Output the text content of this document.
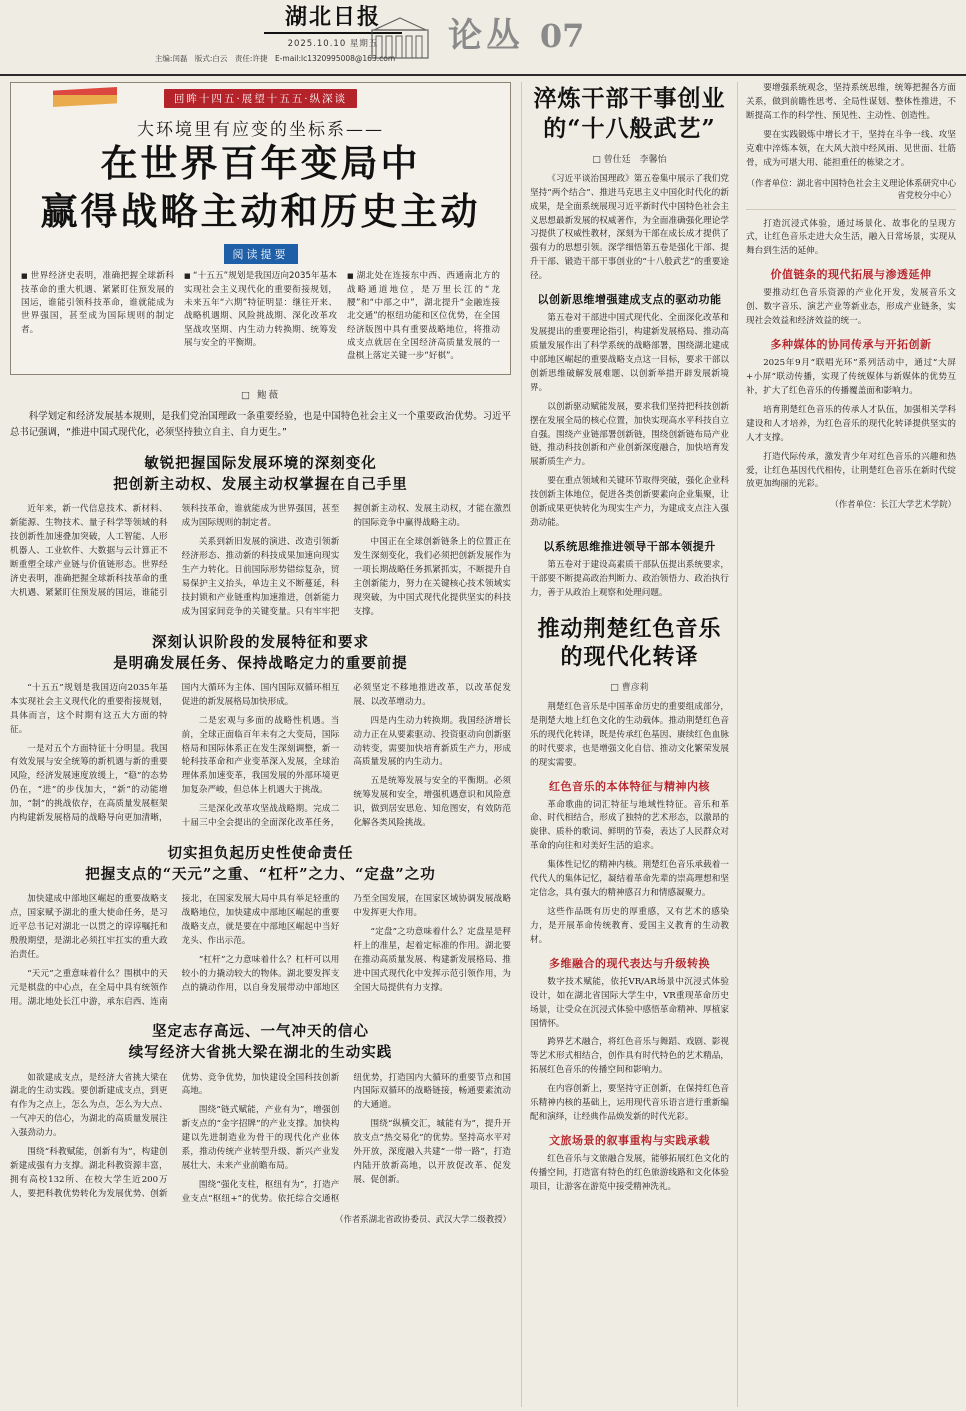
湖北日报
2025.10.10 星期五
主编:闰磊　版式:白云　责任:许捷　E-mail:lc1320995008@163.com
论丛 07
回眸十四五·展望十五五·纵深谈
大环境里有应变的坐标系——
在世界百年变局中
赢得战略主动和历史主动
阅读提要
■ 世界经济史表明，准确把握全球新科技革命的重大机遇、紧紧盯住预发展的国运，谁能引领科技革命，谁就能成为世界强国，甚至成为国际规则的制定者。
■ “十五五”规划是我国迈向2035年基本实现社会主义现代化的重要衔接规划，未来五年“六期”特征明显：继往开来、战略机遇期、风险挑战期、深化改革攻坚战攻坚期、内生动力转换期、统筹发展与安全的平衡期。
■ 湖北处在连接东中西、西通南北方的战略通道地位，是万里长江的“龙腰”和“中部之中”，湖北提升“金融连接北交通”的枢纽功能和区位优势，在全国经济版图中具有重要战略地位，将推动成支点就居在全国经济高质量发展的一盘棋上落定关键一步“好棋”。
□ 鲍薇
科学划定和经济发展基本规则，是我们党治国理政一条重要经验，也是中国特色社会主义一个重要政治优势。习近平总书记强调，“推进中国式现代化，必须坚持独立自主、自力更生。”
敏锐把握国际发展环境的深刻变化
把创新主动权、发展主动权掌握在自己手里

近年来，新一代信息技术、新材料、新能源、生物技术、量子科学等领域的科技创新性加速叠加突破，人工智能、人形机器人、工业软件、大数据与云计算正不断重塑全球产业链与价值链形态。世界经济史表明，准确把握全球新科技革命的重大机遇、紧紧盯住预发展的国运，谁能引领科技革命，谁就能成为世界强国，甚至成为国际规则的制定者。

关系到新旧发展的演进、改造引领新经济形态、推动新的科技成果加速向现实生产力转化。日前国际形势错综复杂，贸易保护主义抬头，单边主义不断蔓延，科技封锁和产业链重构加速推进，创新能力成为国家间竞争的关键变量。只有牢牢把握创新主动权、发展主动权，才能在激烈的国际竞争中赢得战略主动。

中国正在全球创新链条上的位置正在发生深刻变化，我们必须把创新发展作为一项长期战略任务抓紧抓实，不断提升自主创新能力，努力在关键核心技术领域实现突破，为中国式现代化提供坚实的科技支撑。

深刻认识阶段的发展特征和要求
是明确发展任务、保持战略定力的重要前提

“十五五”规划是我国迈向2035年基本实现社会主义现代化的重要衔接规划，具体而言，这个时期有这五大方面的特征。

一是对五个方面特征十分明显。我国有效发展与安全统筹的新机遇与新的重要风险，经济发展速度放缓上，“稳”的态势仍在，“进”的步伐加大，“新”的动能增加，“制”的挑战依存，在高质量发展框架内构建新发展格局的战略导向更加清晰，国内大循环为主体、国内国际双循环相互促进的新发展格局加快形成。

二是宏观与多面的战略性机遇。当前，全球正面临百年未有之大变局，国际格局和国际体系正在发生深刻调整，新一轮科技革命和产业变革深入发展，全球治理体系加速变革，我国发展的外部环境更加复杂严峻，但总体上机遇大于挑战。

三是深化改革攻坚战战略期。完成二十届三中全会提出的全面深化改革任务，必须坚定不移地推进改革，以改革促发展、以改革增动力。

四是内生动力转换期。我国经济增长动力正在从要素驱动、投资驱动向创新驱动转变，需要加快培育新质生产力，形成高质量发展的内生动力。

五是统筹发展与安全的平衡期。必须统筹发展和安全，增强机遇意识和风险意识，做到居安思危、知危图安，有效防范化解各类风险挑战。

切实担负起历史性使命责任
把握支点的“天元”之重、“杠杆”之力、“定盘”之功

加快建成中部地区崛起的重要战略支点，国家赋予湖北的重大使命任务，是习近平总书记对湖北一以贯之的谆谆嘱托和殷殷期望，是湖北必须扛牢扛实的重大政治责任。

“天元”之重意味着什么？围棋中的天元是棋盘的中心点，在全局中具有统领作用。湖北地处长江中游，承东启西、连南接北，在国家发展大局中具有举足轻重的战略地位，加快建成中部地区崛起的重要战略支点，就是要在中部地区崛起中当好龙头、作出示范。

“杠杆”之力意味着什么？杠杆可以用较小的力撬动较大的物体。湖北要发挥支点的撬动作用，以自身发展带动中部地区乃至全国发展，在国家区域协调发展战略中发挥更大作用。

“定盘”之功意味着什么？定盘星是秤杆上的准星，起着定标准的作用。湖北要在推动高质量发展、构建新发展格局、推进中国式现代化中发挥示范引领作用，为全国大局提供有力支撑。

坚定志存高远、一气冲天的信心
续写经济大省挑大梁在湖北的生动实践

如欲建成支点，是经济大省挑大梁在湖北的生动实践。要创新建成支点，到更有作为之点上，怎么为点，怎么为大点、一气冲天的信心，为湖北的高质量发展注入强劲动力。

围绕“科教赋能，创新有为”，构建创新建成强有力支撑。湖北科教资源丰富，拥有高校132所、在校大学生近200万人，要把科教优势转化为发展优势、创新优势、竞争优势，加快建设全国科技创新高地。

围绕“链式赋能，产业有为”，增强创新支点的“金字招牌”的产业支撑。加快构建以先进制造业为骨干的现代化产业体系，推动传统产业转型升级、新兴产业发展壮大、未来产业前瞻布局。

围绕“强化支柱，枢纽有为”，打造产业支点“枢纽+”的优势。依托综合交通枢纽优势，打造国内大循环的重要节点和国内国际双循环的战略链接，畅通要素流动的大通道。

围绕“纵横交汇，城能有为”，提升开放支点“热交易化”的优势。坚持高水平对外开放，深度融入共建“一带一路”，打造内陆开放新高地，以开放促改革、促发展、促创新。

（作者系湖北省政协委员、武汉大学二级教授）
淬炼干部干事创业的“十八般武艺”
□ 曾仕廷　李馨怡

《习近平谈治国理政》第五卷集中展示了我们党坚持“两个结合”、推进马克思主义中国化时代化的新成果，是全面系统展现习近平新时代中国特色社会主义思想最新发展的权威著作，为全面准确强化理论学习提供了权威性教材，深刻为干部在成长成才提供了强有力的思想引领。深学细悟第五卷是强化干部、提升干部、锻造干部干事创业的“十八般武艺”的重要途径。

以创新思维增强建成支点的驱动功能

第五卷对干部进中国式现代化、全面深化改革和发展提出的重要理论指引，构建新发展格局、推动高质量发展作出了科学系统的战略部署，围绕湖北建成中部地区崛起的重要战略支点这一目标，要求干部以创新思维破解发展难题、以创新举措开辟发展新境界。

以创新驱动赋能发展，要求我们坚持把科技创新摆在发展全局的核心位置，加快实现高水平科技自立自强。围绕产业链部署创新链，围绕创新链布局产业链，推动科技创新和产业创新深度融合，加快培育发展新质生产力。

要在重点领域和关键环节取得突破，强化企业科技创新主体地位，促进各类创新要素向企业集聚，让创新成果更快转化为现实生产力，为建成支点注入强劲动能。

以系统思维推进领导干部本领提升

第五卷对于建设高素质干部队伍提出系统要求，干部要不断提高政治判断力、政治领悟力、政治执行力，善于从政治上观察和处理问题。

推动荆楚红色音乐的现代化转译
□ 曹彦莉

荆楚红色音乐是中国革命历史的重要组成部分，是荆楚大地上红色文化的生动载体。推动荆楚红色音乐的现代化转译，既是传承红色基因、赓续红色血脉的时代要求，也是增强文化自信、推动文化繁荣发展的现实需要。

红色音乐的本体特征与精神内核

革命歌曲的词汇特征与地域性特征。音乐和革命、时代相结合，形成了独特的艺术形态，以激昂的旋律、质朴的歌词、鲜明的节奏，表达了人民群众对革命的向往和对美好生活的追求。

集体性记忆的精神内核。荆楚红色音乐承载着一代代人的集体记忆，凝结着革命先辈的崇高理想和坚定信念，具有强大的精神感召力和情感凝聚力。

这些作品既有历史的厚重感，又有艺术的感染力，是开展革命传统教育、爱国主义教育的生动教材。

多维融合的现代表达与升级转换

数字技术赋能，依托VR/AR场景中沉浸式体验设计，如在湖北省国际大学生中，VR重现革命历史场景，让受众在沉浸式体验中感悟革命精神、厚植家国情怀。

跨界艺术融合，将红色音乐与舞蹈、戏剧、影视等艺术形式相结合，创作具有时代特色的艺术精品，拓展红色音乐的传播空间和影响力。

在内容创新上，要坚持守正创新，在保持红色音乐精神内核的基础上，运用现代音乐语言进行重新编配和演绎，让经典作品焕发新的时代光彩。

文旅场景的叙事重构与实践承载

红色音乐与文旅融合发展，能够拓展红色文化的传播空间，打造富有特色的红色旅游线路和文化体验项目，让游客在游览中接受精神洗礼。

要增强系统观念，坚持系统思维，统筹把握各方面关系，做到前瞻性思考、全局性谋划、整体性推进，不断提高工作的科学性、预见性、主动性、创造性。

要在实践锻炼中增长才干，坚持在斗争一线、攻坚克难中淬炼本领，在大风大浪中经风雨、见世面、壮筋骨，成为可堪大用、能担重任的栋梁之才。

（作者单位：湖北省中国特色社会主义理论体系研究中心省党校分中心）

打造沉浸式体验，通过场景化、故事化的呈现方式，让红色音乐走进大众生活，融入日常场景，实现从舞台到生活的延伸。

价值链条的现代拓展与渗透延伸

要推动红色音乐资源的产业化开发，发展音乐文创、数字音乐、演艺产业等新业态，形成产业链条，实现社会效益和经济效益的统一。

多种媒体的协同传承与开拓创新

2025年9月“联唱光环”系列活动中，通过“大屏+小屏”联动传播，实现了传统媒体与新媒体的优势互补，扩大了红色音乐的传播覆盖面和影响力。

培育荆楚红色音乐的传承人才队伍，加强相关学科建设和人才培养，为红色音乐的现代化转译提供坚实的人才支撑。

打造代际传承，激发青少年对红色音乐的兴趣和热爱，让红色基因代代相传，让荆楚红色音乐在新时代绽放更加绚丽的光彩。

（作者单位：长江大学艺术学院）
